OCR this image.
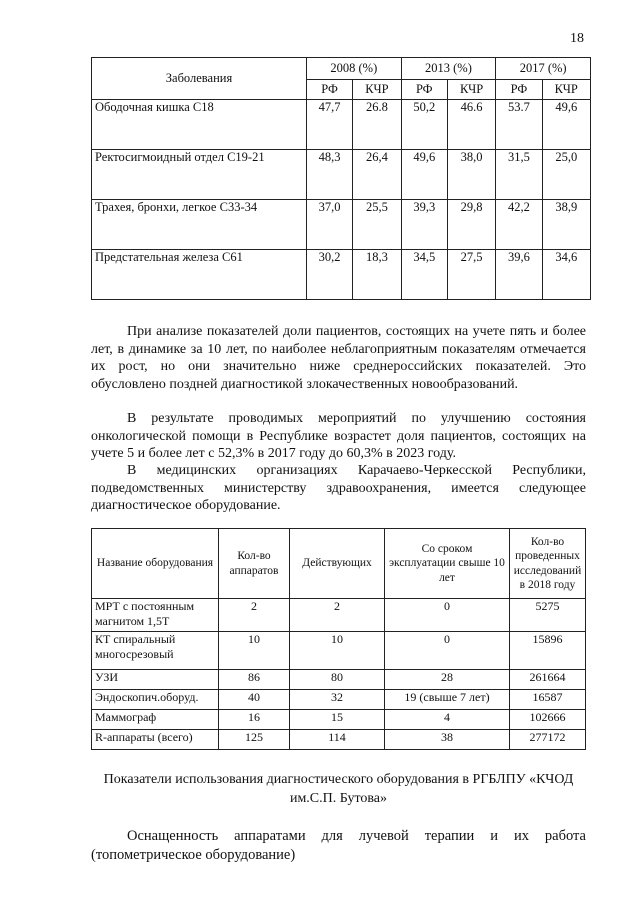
18
Заболевания	2008 (%)		2013 (%)		2017 (%)	
	РФ	КЧР	РФ	КЧР	РФ	КЧР
Ободочная кишка С18	47,7	26.8	50,2	46.6	53.7	49,6
Ректосигмоидный отдел С19-21	48,3	26,4	49,6	38,0	31,5	25,0
Трахея, бронхи, легкое С33-34	37,0	25,5	39,3	29,8	42,2	38,9
Предстательная железа С61	30,2	18,3	34,5	27,5	39,6	34,6

При анализе показателей доли пациентов, состоящих на учете пять и более лет, в динамике за 10 лет, по наиболее неблагоприятным показателям отмечается их рост, но они значительно ниже среднероссийских показателей. Это обусловлено поздней диагностикой злокачественных новообразований.

В результате проводимых мероприятий по улучшению состояния онкологической помощи в Республике возрастет доля пациентов, состоящих на учете 5 и более лет с 52,3% в 2017 году до 60,3% в 2023 году.

В медицинских организациях Карачаево-Черкесской Республики, подведомственных министерству здравоохранения, имеется следующее диагностическое оборудование.

Название оборудования	Кол-во аппаратов	Действующих	Со сроком эксплуатации свыше 10 лет	Кол-во проведенных исследований в 2018 году
МРТ с постоянным магнитом 1,5Т	2	2	0	5275
КТ спиральный многосрезовый	10	10	0	15896
УЗИ	86	80	28	261664
Эндоскопич.оборуд.	40	32	19 (свыше 7 лет)	16587
Маммограф	16	15	4	102666
R-аппараты (всего)	125	114	38	277172

Показатели использования диагностического оборудования в РГБЛПУ «КЧОД им.С.П. Бутова»

Оснащенность аппаратами для лучевой терапии и их работа (топометрическое оборудование)
